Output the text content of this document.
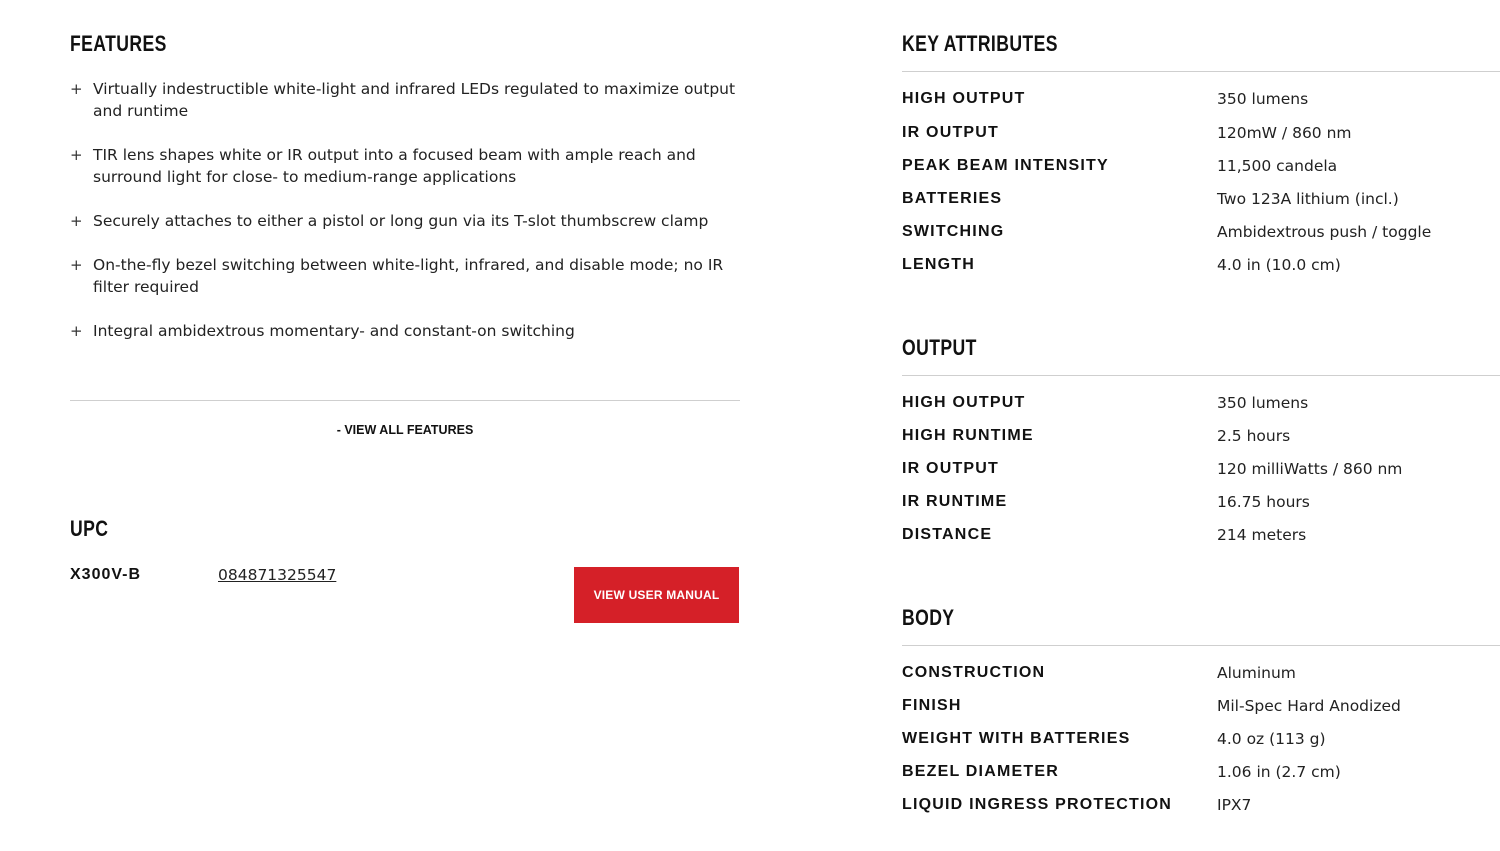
FEATURES
+ Virtually indestructible white-light and infrared LEDs regulated to maximize output and runtime
+ TIR lens shapes white or IR output into a focused beam with ample reach and surround light for close- to medium-range applications
+ Securely attaches to either a pistol or long gun via its T-slot thumbscrew clamp
+ On-the-fly bezel switching between white-light, infrared, and disable mode; no IR filter required
+ Integral ambidextrous momentary- and constant-on switching
- VIEW ALL FEATURES
UPC
X300V-B	084871325547
VIEW USER MANUAL
KEY ATTRIBUTES
HIGH OUTPUT	350 lumens
IR OUTPUT	120mW / 860 nm
PEAK BEAM INTENSITY	11,500 candela
BATTERIES	Two 123A lithium (incl.)
SWITCHING	Ambidextrous push / toggle
LENGTH	4.0 in (10.0 cm)
OUTPUT
HIGH OUTPUT	350 lumens
HIGH RUNTIME	2.5 hours
IR OUTPUT	120 milliWatts / 860 nm
IR RUNTIME	16.75 hours
DISTANCE	214 meters
BODY
CONSTRUCTION	Aluminum
FINISH	Mil-Spec Hard Anodized
WEIGHT WITH BATTERIES	4.0 oz (113 g)
BEZEL DIAMETER	1.06 in (2.7 cm)
LIQUID INGRESS PROTECTION	IPX7
